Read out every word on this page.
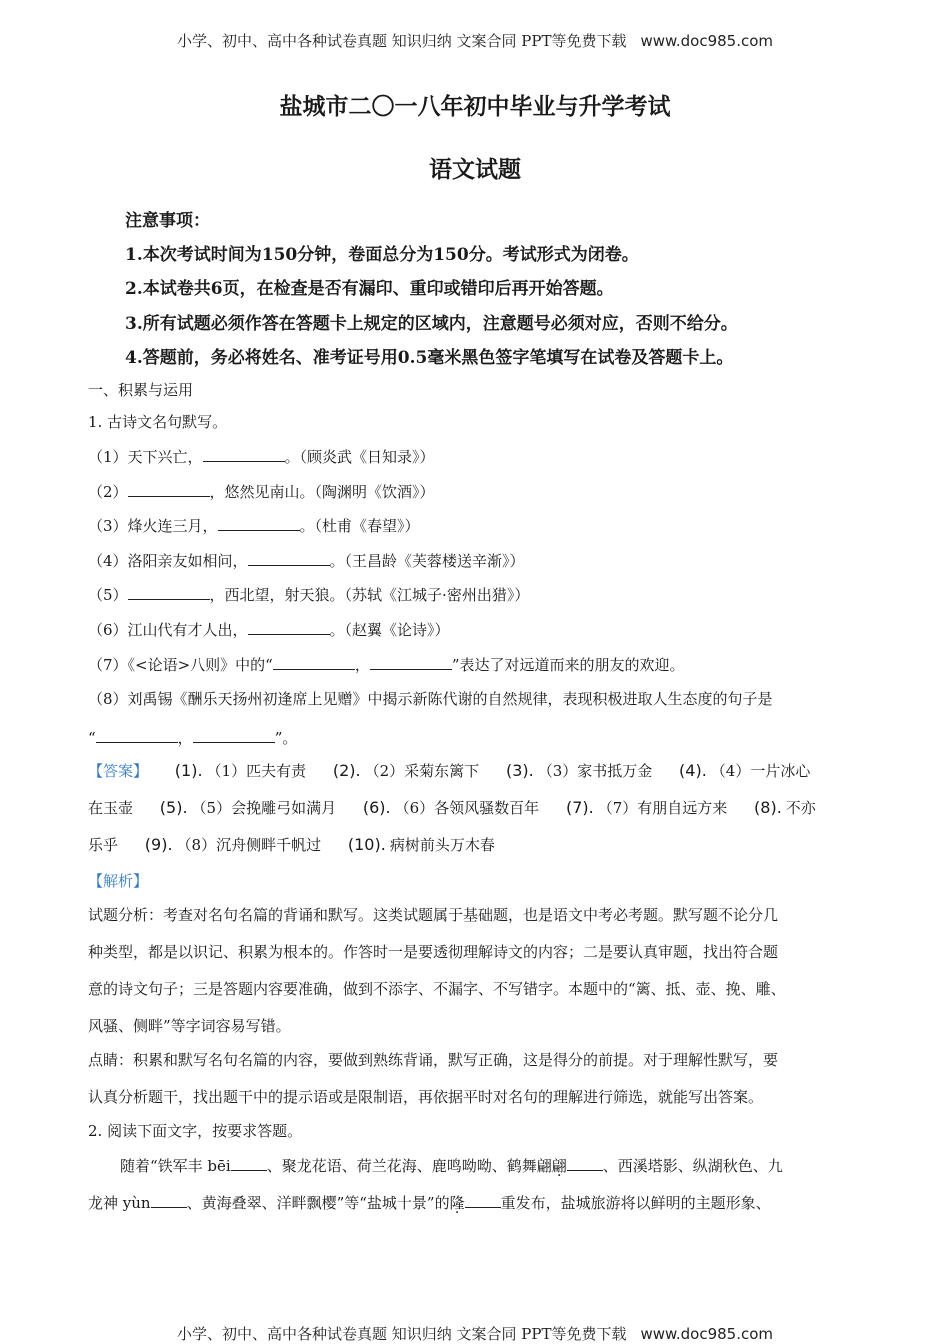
小学、初中、高中各种试卷真题 知识归纳 文案合同 PPT等免费下载 www.doc985.com
盐城市二〇一八年初中毕业与升学考试
语文试题
注意事项：
1.本次考试时间为150分钟，卷面总分为150分。考试形式为闭卷。
2.本试卷共6页，在检查是否有漏印、重印或错印后再开始答题。
3.所有试题必须作答在答题卡上规定的区域内，注意题号必须对应，否则不给分。
4.答题前，务必将姓名、准考证号用0.5毫米黑色签字笔填写在试卷及答题卡上。
一、积累与运用
1. 古诗文名句默写。
（1）天下兴亡，	。（顾炎武《日知录》）
（2）	，悠然见南山。（陶渊明《饮酒》）
（3）烽火连三月，	。（杜甫《春望》）
（4）洛阳亲友如相问，	。（王昌龄《芙蓉楼送辛渐》）
（5）	，西北望，射天狼。（苏轼《江城子·密州出猎》）
（6）江山代有才人出，	。（赵翼《论诗》）
（7）《<论语>八则》中的“	，	”表达了对远道而来的朋友的欢迎。
（8）刘禹锡《酬乐天扬州初逢席上见赠》中揭示新陈代谢的自然规律，表现积极进取人生态度的句子是
“	，	”。
【答案】 (1). （1）匹夫有责 (2). （2）采菊东篱下 (3). （3）家书抵万金 (4). （4）一片冰心
在玉壶 (5). （5）会挽雕弓如满月 (6). （6）各领风骚数百年 (7). （7）有朋自远方来 (8). 不亦
乐乎 (9). （8）沉舟侧畔千帆过 (10). 病树前头万木春
【解析】
试题分析：考查对名句名篇的背诵和默写。这类试题属于基础题，也是语文中考必考题。默写题不论分几
种类型，都是以识记、积累为根本的。作答时一是要透彻理解诗文的内容；二是要认真审题，找出符合题
意的诗文句子；三是答题内容要准确，做到不添字、不漏字、不写错字。本题中的“篱、抵、壶、挽、雕、
风骚、侧畔”等字词容易写错。
点睛：积累和默写名句名篇的内容，要做到熟练背诵，默写正确，这是得分的前提。对于理解性默写，要
认真分析题干，找出题干中的提示语或是限制语，再依据平时对名句的理解进行筛选，就能写出答案。
2. 阅读下面文字，按要求答题。
随着“铁军丰 bēi 、聚龙花语、荷兰花海、鹿鸣呦呦、鹤舞翩翩 、西溪塔影、纵湖秋色、九
龙神 yùn 、黄海叠翠、洋畔飘樱”等“盐城十景”的隆 重发布，盐城旅游将以鲜明的主题形象、
小学、初中、高中各种试卷真题 知识归纳 文案合同 PPT等免费下载 www.doc985.com
